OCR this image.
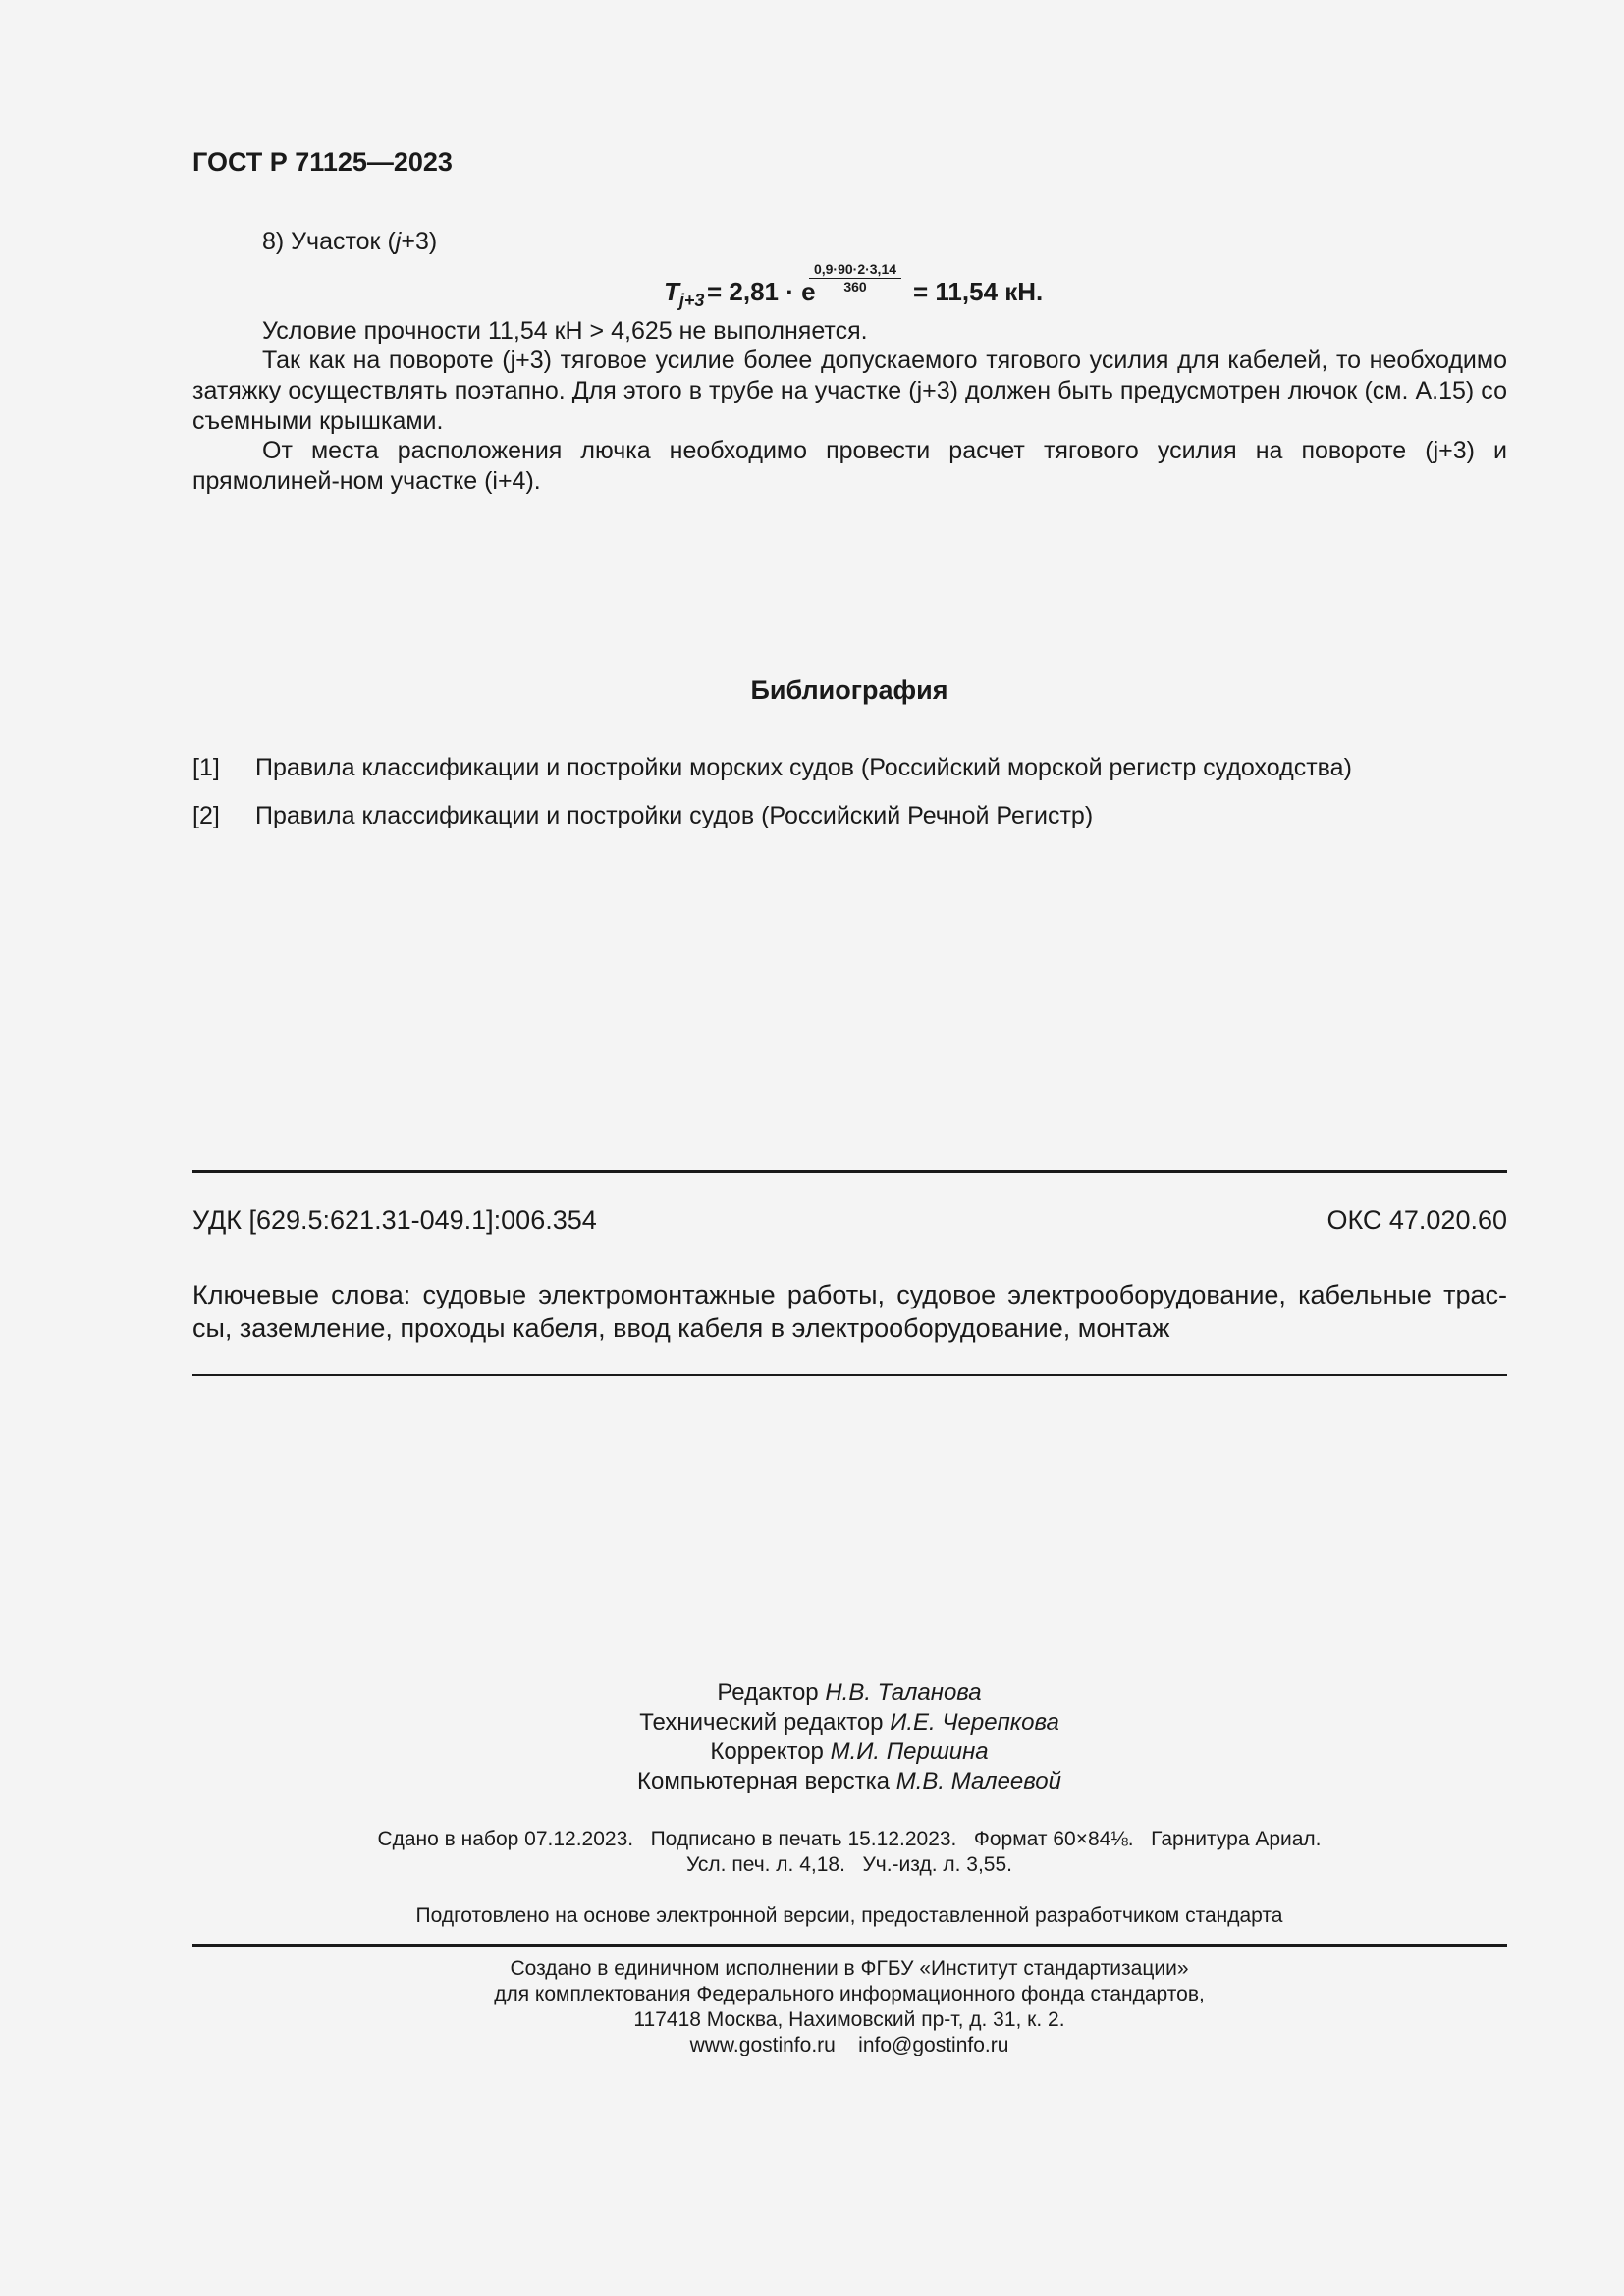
ГОСТ Р 71125—2023
8) Участок (j+3)
$T_{j+3} = 2,81 \cdot e$
$\frac{0,9\cdot 90\cdot 2\cdot 3,14}{360} = 11,54$ кН.
Условие прочности 11,54 кН > 4,625 не выполняется.
Так как на повороте (j+3) тяговое усилие более допускаемого тягового усилия для кабелей, то необходимо затяжку осуществлять поэтапно. Для этого в трубе на участке (j+3) должен быть предусмотрен лючок (см. А.15) со съемными крышками.
От места расположения лючка необходимо провести расчет тягового усилия на повороте (j+3) и прямолиней-ном участке (i+4).
Библиография
[1] Правила классификации и постройки морских судов (Российский морской регистр судоходства)
[2] Правила классификации и постройки судов (Российский Речной Регистр)
УДК [629.5:621.31-049.1]:006.354	ОКС 47.020.60
Ключевые слова: судовые электромонтажные работы, судовое электрооборудование, кабельные трас-сы, заземление, проходы кабеля, ввод кабеля в электрооборудование, монтаж
Редактор Н.В. Таланова
Технический редактор И.Е. Черепкова
Корректор М.И. Першина
Компьютерная верстка М.В. Малеевой
Сдано в набор 07.12.2023.   Подписано в печать 15.12.2023.   Формат 60×84⅛.   Гарнитура Ариал.
Усл. печ. л. 4,18.   Уч.-изд. л. 3,55.
Подготовлено на основе электронной версии, предоставленной разработчиком стандарта
Создано в единичном исполнении в ФГБУ «Институт стандартизации»
для комплектования Федерального информационного фонда стандартов,
117418 Москва, Нахимовский пр-т, д. 31, к. 2.
www.gostinfo.ru    info@gostinfo.ru
